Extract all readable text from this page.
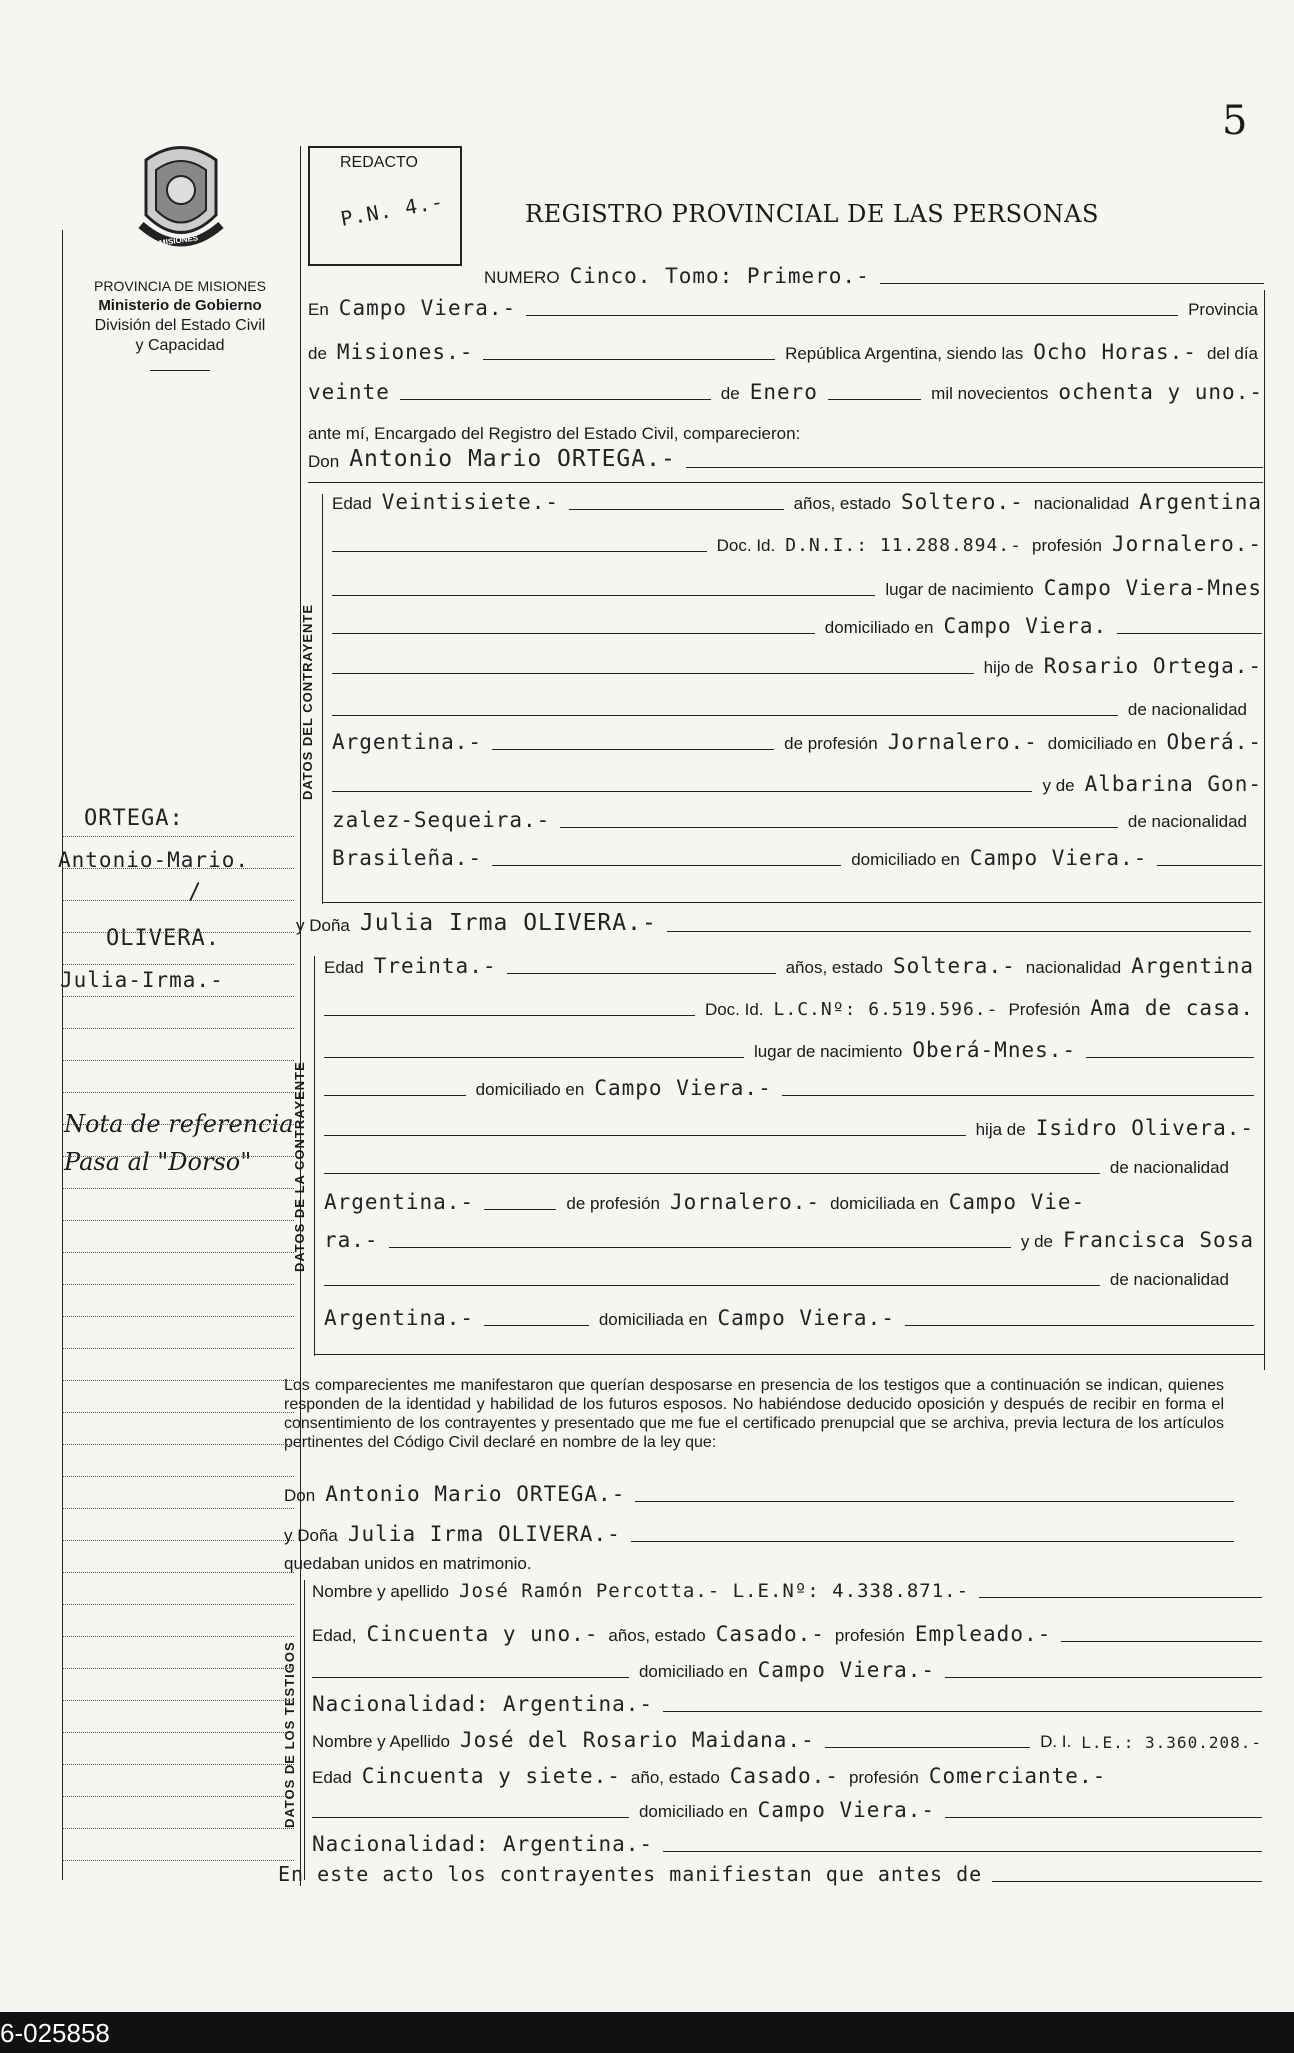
5
MISIONES
PROVINCIA DE MISIONES
Ministerio de Gobierno
División del Estado Civil
y Capacidad
REDACTO
P.N. 4.-	REGISTRO PROVINCIAL DE LAS PERSONAS
NUMERO Cinco. Tomo: Primero.-
En Campo Viera.-	Provincia
de Misiones.-	República Argentina, siendo las Ocho Horas.- del día
veinte	de Enero	mil novecientos ochenta y uno.-
ante mí, Encargado del Registro del Estado Civil, comparecieron:
Don Antonio Mario ORTEGA.-
DATOS DEL CONTRAYENTE
Edad Veintisiete.-	años, estado Soltero.- nacionalidad Argentina
Doc. Id. D.N.I.: 11.288.894.- profesión Jornalero.-
lugar de nacimiento Campo Viera-Mnes
domiciliado en Campo Viera.
hijo de Rosario Ortega.-
de nacionalidad
Argentina.-	de profesión Jornalero.- domiciliado en Oberá.-
y de Albarina Gon-
zalez-Sequeira.-	de nacionalidad
Brasileña.-	domiciliado en Campo Viera.-
y Doña Julia Irma OLIVERA.-
DATOS DE LA CONTRAYENTE
Edad Treinta.-	años, estado Soltera.- nacionalidad Argentina
Doc. Id. L.C.Nº: 6.519.596.- Profesión Ama de casa.
lugar de nacimiento Oberá-Mnes.-
domiciliado en Campo Viera.-
hija de Isidro Olivera.-
de nacionalidad
Argentina.-	de profesión Jornalero.- domiciliada en Campo Vie-
ra.-	y de Francisca Sosa
de nacionalidad
Argentina.-	domiciliada en Campo Viera.-
Los comparecientes me manifestaron que querían desposarse en presencia de los testigos que a continuación se indican, quienes responden de la identidad y habilidad de los futuros esposos. No habiéndose deducido oposición y después de recibir en forma el consentimiento de los contrayentes y presentado que me fue el certificado prenupcial que se archiva, previa lectura de los artículos pertinentes del Código Civil declaré en nombre de la ley que:
Don Antonio Mario ORTEGA.-
y Doña Julia Irma OLIVERA.-
quedaban unidos en matrimonio.
DATOS DE LOS TESTIGOS
Nombre y apellido José Ramón Percotta.- L.E.Nº: 4.338.871.-
Edad, Cincuenta y uno.- años, estado Casado.- profesión Empleado.-
domiciliado en Campo Viera.-
Nacionalidad: Argentina.-
Nombre y Apellido José del Rosario Maidana.-	D. I. L.E.: 3.360.208.-
Edad Cincuenta y siete.- año, estado Casado.- profesión Comerciante.-
domiciliado en Campo Viera.-
Nacionalidad: Argentina.-
En este acto los contrayentes manifiestan que antes de
ORTEGA:
Antonio-Mario.
/
OLIVERA.
Julia-Irma.-
Nota de referencia
Pasa al "Dorso"
6-025858
